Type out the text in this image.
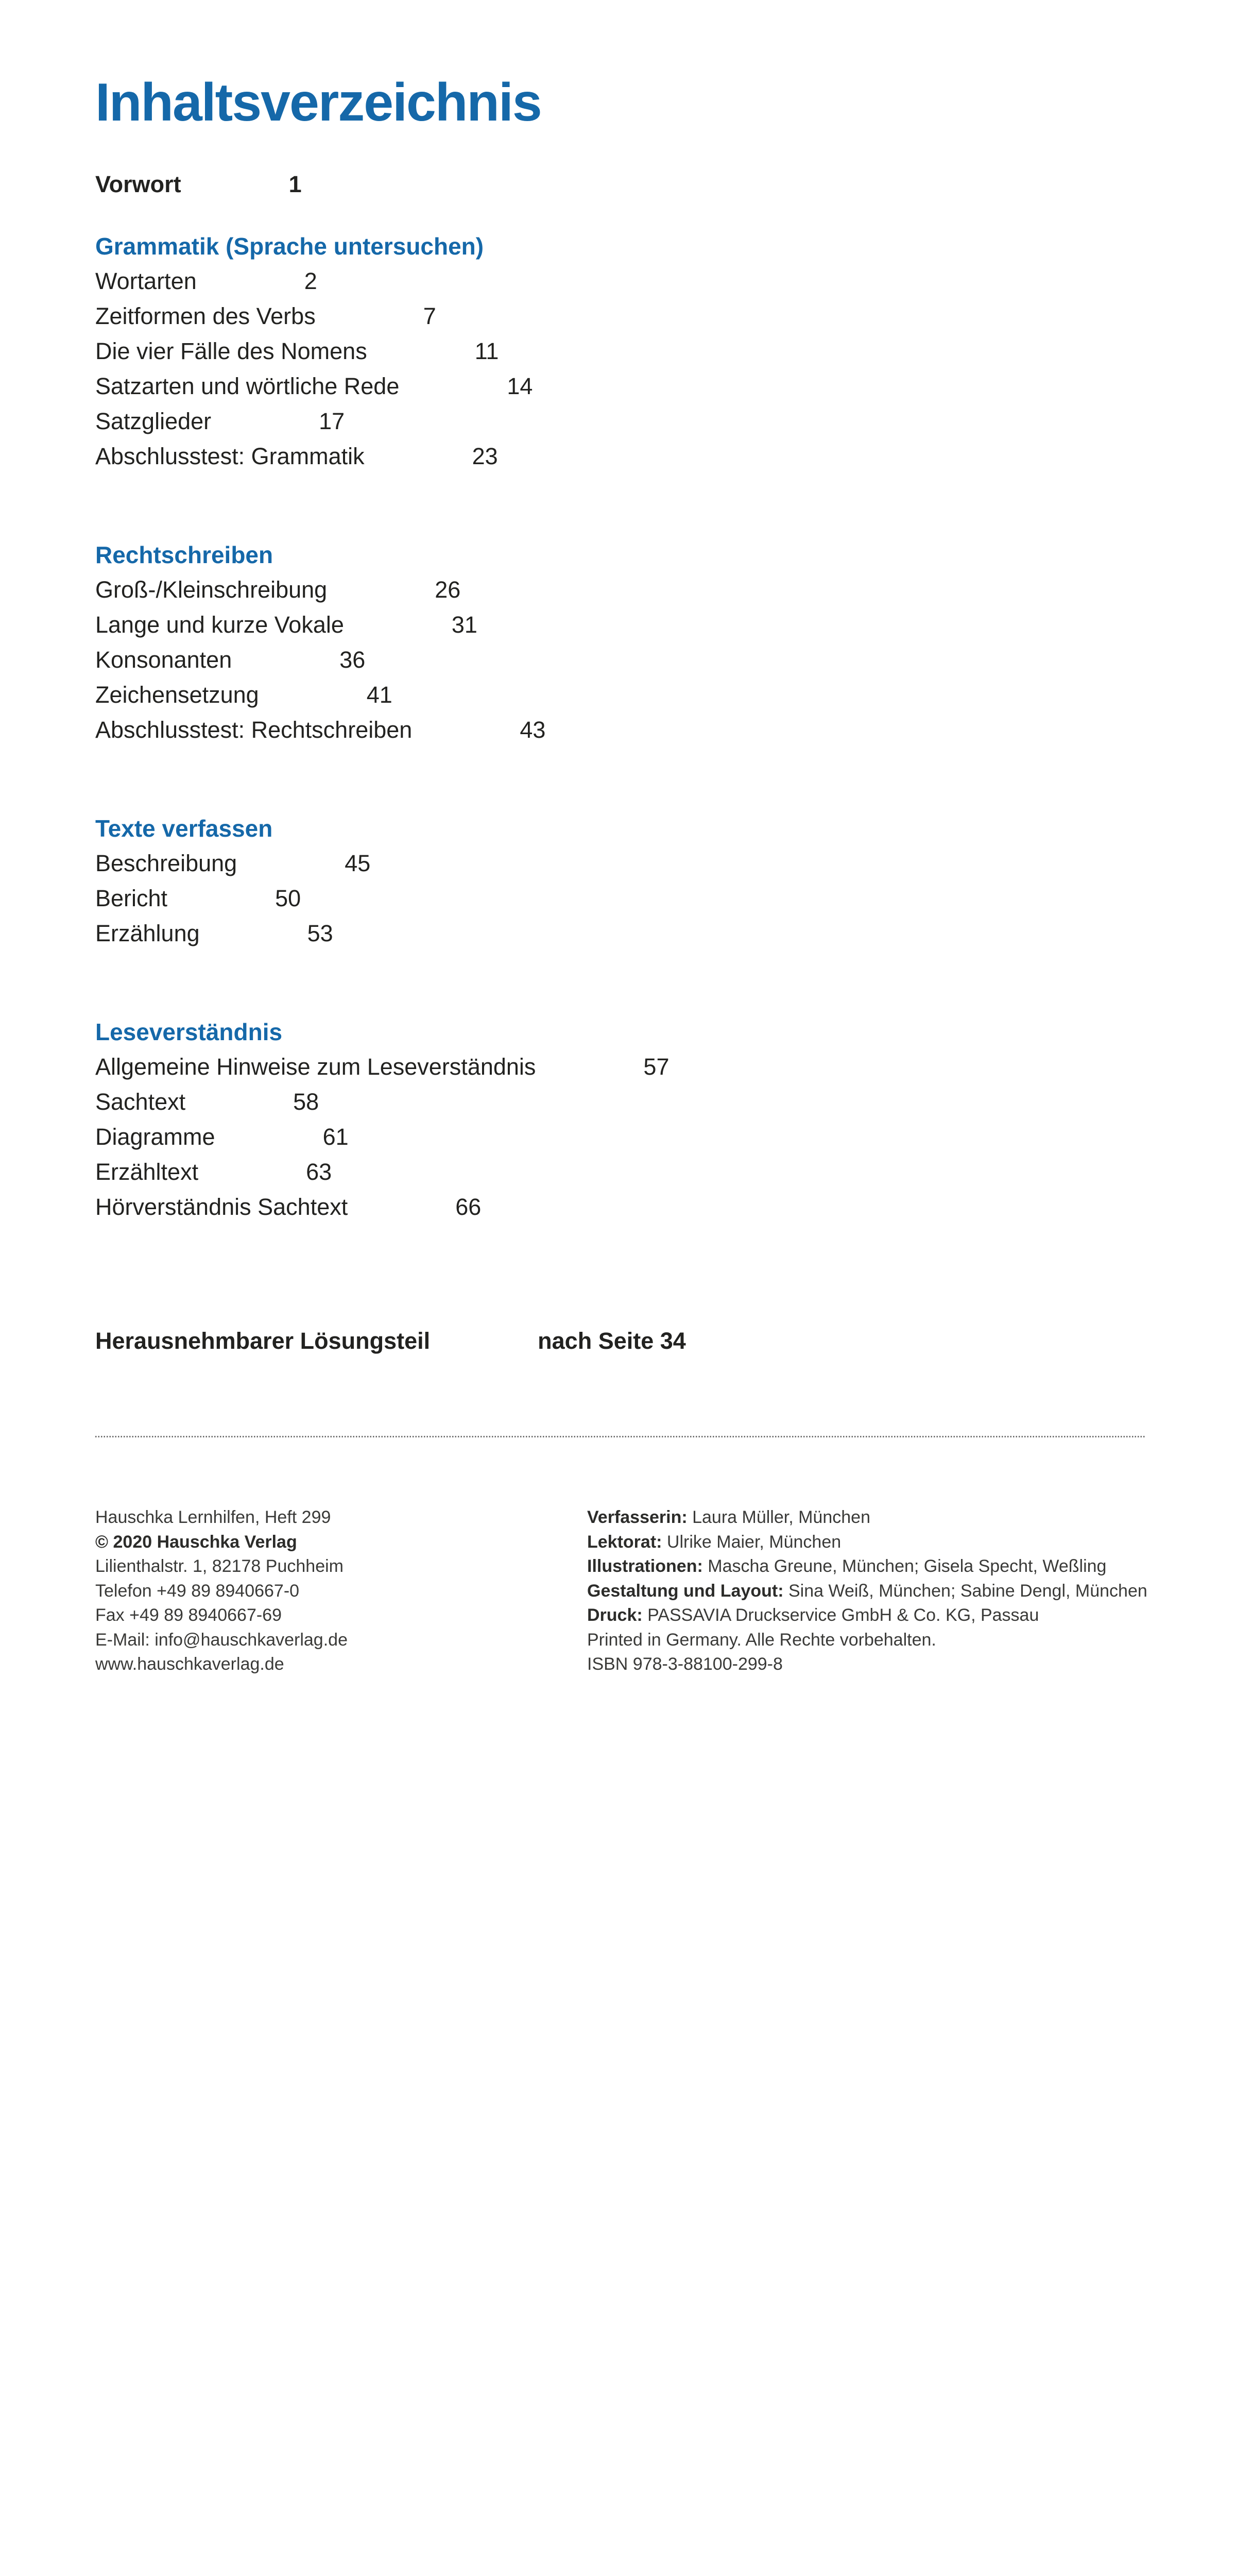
Inhaltsverzeichnis
Vorwort	1
Grammatik (Sprache untersuchen)
Wortarten	2
Zeitformen des Verbs	7
Die vier Fälle des Nomens	11
Satzarten und wörtliche Rede	14
Satzglieder	17
Abschlusstest: Grammatik	23
Rechtschreiben
Groß-/Kleinschreibung	26
Lange und kurze Vokale	31
Konsonanten	36
Zeichensetzung	41
Abschlusstest: Rechtschreiben	43
Texte verfassen
Beschreibung	45
Bericht	50
Erzählung	53
Leseverständnis
Allgemeine Hinweise zum Leseverständnis	57
Sachtext	58
Diagramme	61
Erzähltext	63
Hörverständnis Sachtext	66
Herausnehmbarer Lösungsteil	nach Seite 34
Hauschka Lernhilfen, Heft 299
© 2020 Hauschka Verlag
Lilienthalstr. 1, 82178 Puchheim
Telefon +49 89 8940667-0
Fax +49 89 8940667-69
E-Mail: info@hauschkaverlag.de
www.hauschkaverlag.de
Verfasserin: Laura Müller, München
Lektorat: Ulrike Maier, München
Illustrationen: Mascha Greune, München; Gisela Specht, Weßling
Gestaltung und Layout: Sina Weiß, München; Sabine Dengl, München
Druck: PASSAVIA Druckservice GmbH & Co. KG, Passau
Printed in Germany. Alle Rechte vorbehalten.
ISBN 978-3-88100-299-8
